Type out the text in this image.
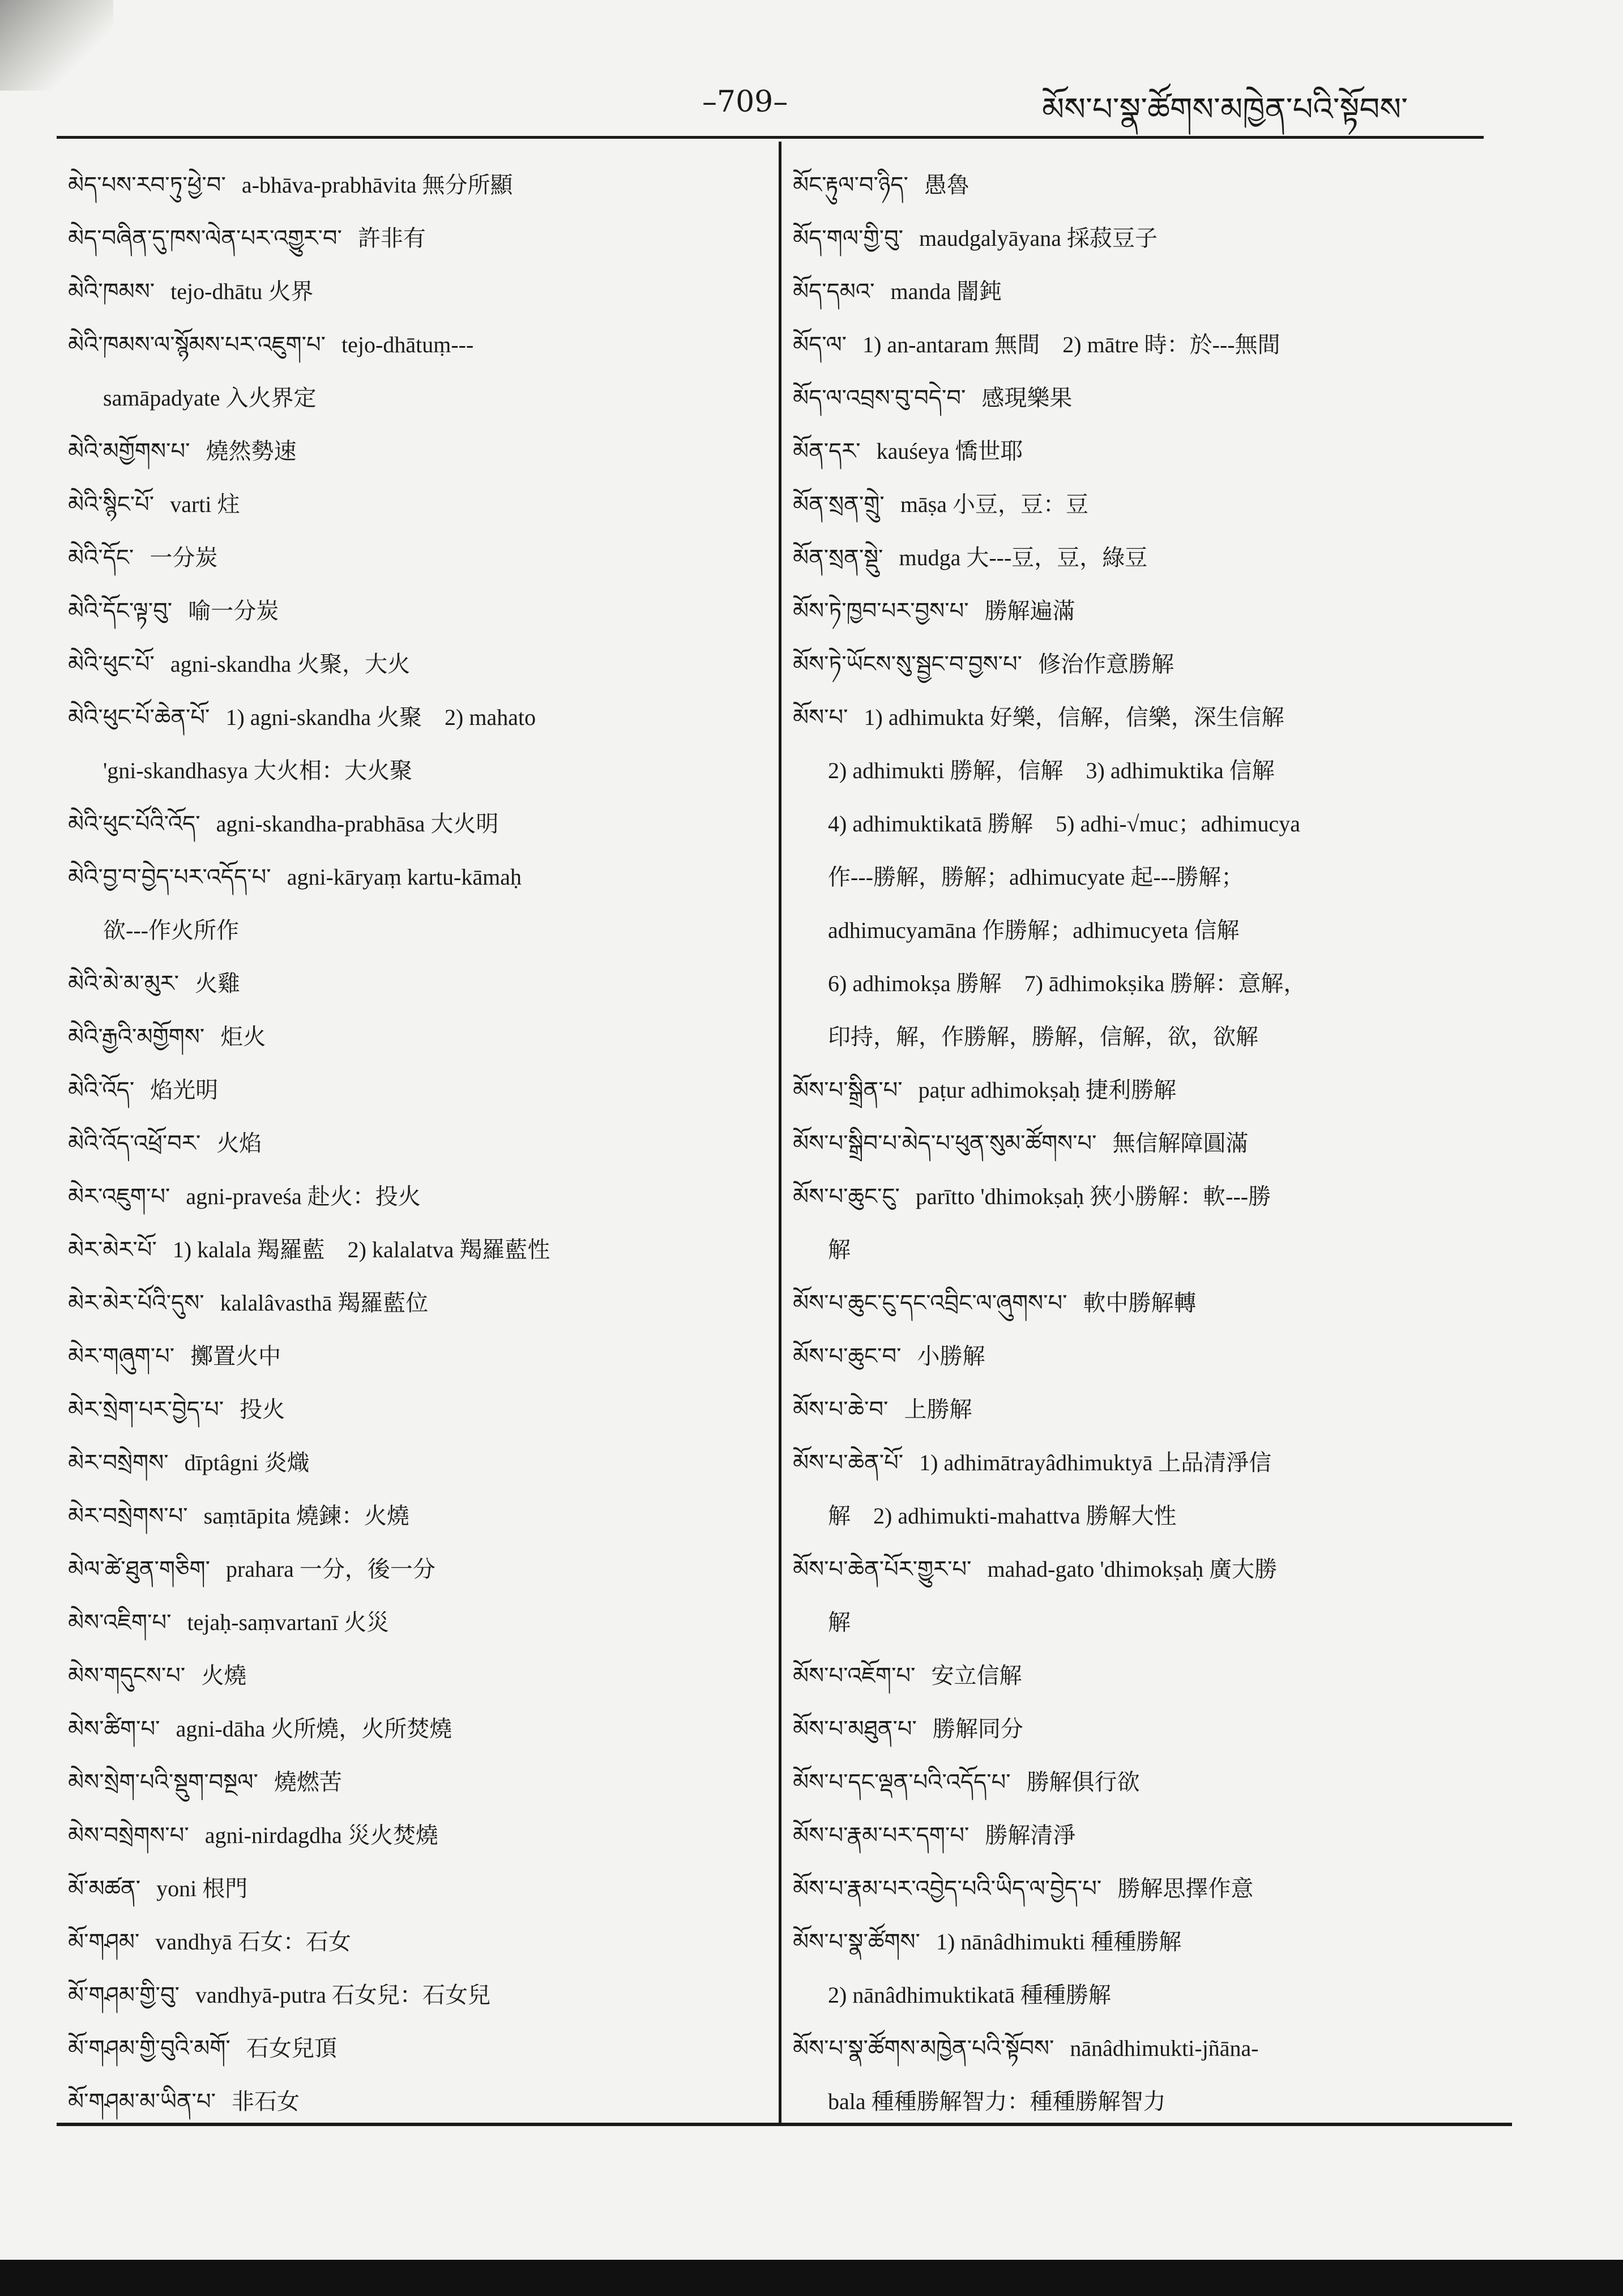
–709–	མོས་པ་སྣ་ཚོགས་མཁྱེན་པའི་སྟོབས་
མེད་པས་རབ་ཏུ་ཕྱེ་བ་ a-bhāva-prabhāvita 無分所顯
མེད་བཞིན་དུ་ཁས་ལེན་པར་འགྱུར་བ་ 許非有
མེའི་ཁམས་ tejo-dhātu 火界
མེའི་ཁམས་ལ་སྙོམས་པར་འཇུག་པ་ tejo-dhātuṃ---
samāpadyate 入火界定
མེའི་མགྱོགས་པ་ 燒然勢速
མེའི་སྙིང་པོ་ varti 炷
མེའི་དོང་ 一分炭
མེའི་དོང་ལྟ་བུ་ 喻一分炭
མེའི་ཕུང་པོ་ agni-skandha 火聚，大火
མེའི་ཕུང་པོ་ཆེན་པོ་ 1) agni-skandha 火聚　2) mahato
'gni-skandhasya 大火相：大火聚
མེའི་ཕུང་པོའི་འོད་ agni-skandha-prabhāsa 大火明
མེའི་བྱ་བ་བྱེད་པར་འདོད་པ་ agni-kāryaṃ kartu-kāmaḥ
欲---作火所作
མེའི་མེ་མ་མུར་ 火雞
མེའི་རྒྱའི་མགྱོགས་ 炬火
མེའི་འོད་ 焰光明
མེའི་འོད་འཕྲོ་བར་ 火焰
མེར་འཇུག་པ་ agni-praveśa 赴火：投火
མེར་མེར་པོ་ 1) kalala 羯羅藍　2) kalalatva 羯羅藍性
མེར་མེར་པོའི་དུས་ kalalâvasthā 羯羅藍位
མེར་གཞུག་པ་ 擲置火中
མེར་སྲེག་པར་བྱེད་པ་ 投火
མེར་བསྲེགས་ dīptâgni 炎熾
མེར་བསྲེགས་པ་ saṃtāpita 燒鍊：火燒
མེལ་ཚེ་ཐུན་གཅིག་ prahara 一分，後一分
མེས་འཇིག་པ་ tejaḥ-saṃvartanī 火災
མེས་གདུངས་པ་ 火燒
མེས་ཚིག་པ་ agni-dāha 火所燒，火所焚燒
མེས་སྲེག་པའི་སྡུག་བསྔལ་ 燒燃苦
མེས་བསྲེགས་པ་ agni-nirdagdha 災火焚燒
མོ་མཚན་ yoni 根門
མོ་གཤམ་ vandhyā 石女：石女
མོ་གཤམ་གྱི་བུ་ vandhyā-putra 石女兒：石女兒
མོ་གཤམ་གྱི་བུའི་མགོ་ 石女兒頂
མོ་གཤམ་མ་ཡིན་པ་ 非石女
མོང་རྟུལ་བ་ཉིད་ 愚魯
མོད་གལ་གྱི་བུ་ maudgalyāyana 採菽豆子
མོད་དམའ་ manda 闇鈍
མོད་ལ་ 1) an-antaram 無間　2) mātre 時：於---無間
མོད་ལ་འབྲས་བུ་བདེ་བ་ 感現樂果
མོན་དར་ kauśeya 憍世耶
མོན་སྲན་གྲེུ་ māṣa 小豆，豆：豆
མོན་སྲན་སྡེུ་ mudga 大---豆，豆，綠豆
མོས་ཏེ་ཁྱབ་པར་བྱས་པ་ 勝解遍滿
མོས་ཏེ་ཡོངས་སུ་སྦྱང་བ་བྱས་པ་ 修治作意勝解
མོས་པ་ 1) adhimukta 好樂，信解，信樂，深生信解
2) adhimukti 勝解，信解　3) adhimuktika 信解
4) adhimuktikatā 勝解　5) adhi-√muc；adhimucya
作---勝解，勝解；adhimucyate 起---勝解；
adhimucyamāna 作勝解；adhimucyeta 信解
6) adhimokṣa 勝解　7) ādhimokṣika 勝解：意解，
印持，解，作勝解，勝解，信解，欲，欲解
མོས་པ་སྒྲིན་པ་ paṭur adhimokṣaḥ 捷利勝解
མོས་པ་སྒྲིབ་པ་མེད་པ་ཕུན་སུམ་ཚོགས་པ་ 無信解障圓滿
མོས་པ་ཆུང་ངུ་ parītto 'dhimokṣaḥ 狹小勝解：軟---勝
解
མོས་པ་ཆུང་ངུ་དང་འབྲིང་ལ་ཞུགས་པ་ 軟中勝解轉
མོས་པ་ཆུང་བ་ 小勝解
མོས་པ་ཆེ་བ་ 上勝解
མོས་པ་ཆེན་པོ་ 1) adhimātrayâdhimuktyā 上品清淨信
解　2) adhimukti-mahattva 勝解大性
མོས་པ་ཆེན་པོར་གྱུར་པ་ mahad-gato 'dhimokṣaḥ 廣大勝
解
མོས་པ་འཇོག་པ་ 安立信解
མོས་པ་མཐུན་པ་ 勝解同分
མོས་པ་དང་ལྡན་པའི་འདོད་པ་ 勝解俱行欲
མོས་པ་རྣམ་པར་དག་པ་ 勝解清淨
མོས་པ་རྣམ་པར་འབྱེད་པའི་ཡིད་ལ་བྱེད་པ་ 勝解思擇作意
མོས་པ་སྣ་ཚོགས་ 1) nānâdhimukti 種種勝解
2) nānâdhimuktikatā 種種勝解
མོས་པ་སྣ་ཚོགས་མཁྱེན་པའི་སྟོབས་ nānâdhimukti-jñāna-
bala 種種勝解智力：種種勝解智力
